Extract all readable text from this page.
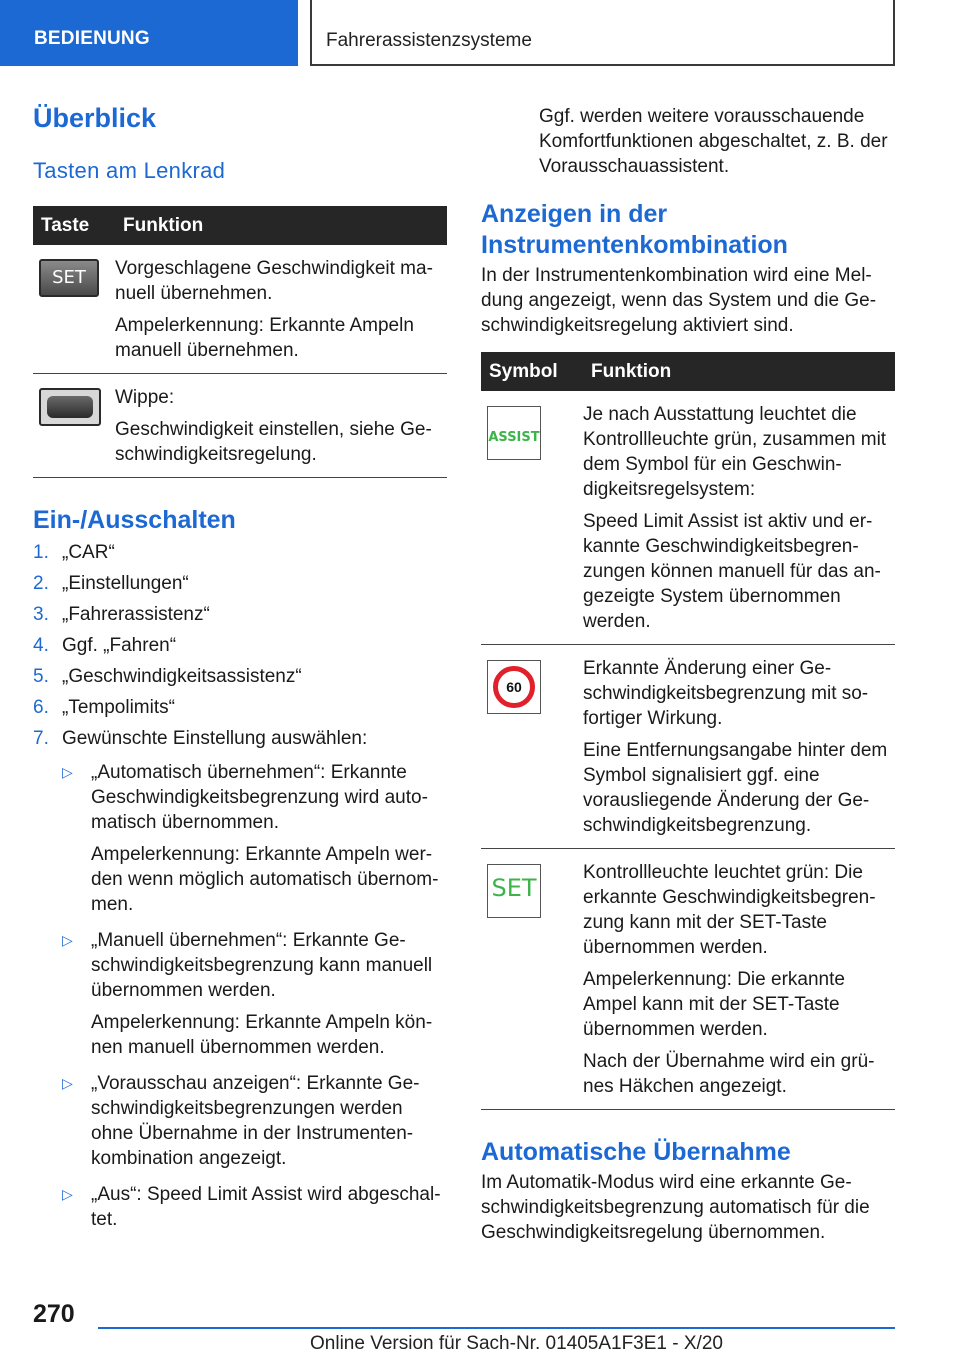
BEDIENUNG	Fahrerassistenzsysteme
Überblick
Tasten am Lenkrad
Taste	Funktion

SET	Vorgeschlagene Geschwindigkeit ma-nuell übernehmen.

Ampelerkennung: Erkannte Ampeln manuell übernehmen.

	Wippe:

Geschwindigkeit einstellen, siehe Ge-schwindigkeitsregelung.

Ein-/Ausschalten
1. „CAR“
2. „Einstellungen“
3. „Fahrerassistenz“
4. Ggf. „Fahren“
5. „Geschwindigkeitsassistenz“
6. „Tempolimits“
7. Gewünschte Einstellung auswählen:
▷ „Automatisch übernehmen“: Erkannte Geschwindigkeitsbegrenzung wird auto-matisch übernommen.

Ampelerkennung: Erkannte Ampeln wer-den wenn möglich automatisch übernom-men.

▷ „Manuell übernehmen“: Erkannte Ge-schwindigkeitsbegrenzung kann manuell übernommen werden.

Ampelerkennung: Erkannte Ampeln kön-nen manuell übernommen werden.

▷ „Vorausschau anzeigen“: Erkannte Ge-schwindigkeitsbegrenzungen werden ohne Übernahme in der Instrumenten-kombination angezeigt.

▷ „Aus“: Speed Limit Assist wird abgeschal-tet.

Ggf. werden weitere vorausschauende Komfortfunktionen abgeschaltet, z. B. der Vorausschauassistent.

Anzeigen in der Instrumentenkombination

In der Instrumentenkombination wird eine Mel-dung angezeigt, wenn das System und die Ge-schwindigkeitsregelung aktiviert sind.

Symbol	Funktion

ASSIST	Je nach Ausstattung leuchtet die Kontrollleuchte grün, zusammen mit dem Symbol für ein Geschwin-digkeitsregelsystem:

Speed Limit Assist ist aktiv und er-kannte Geschwindigkeitsbegren-zungen können manuell für das an-gezeigte System übernommen werden.

60	Erkannte Änderung einer Ge-schwindigkeitsbegrenzung mit so-fortiger Wirkung.

Eine Entfernungsangabe hinter dem Symbol signalisiert ggf. eine vorausliegende Änderung der Ge-schwindigkeitsbegrenzung.

SET	Kontrollleuchte leuchtet grün: Die erkannte Geschwindigkeitsbegren-zung kann mit der SET-Taste übernommen werden.

Ampelerkennung: Die erkannte Ampel kann mit der SET-Taste übernommen werden.

Nach der Übernahme wird ein grü-nes Häkchen angezeigt.

Automatische Übernahme

Im Automatik-Modus wird eine erkannte Ge-schwindigkeitsbegrenzung automatisch für die Geschwindigkeitsregelung übernommen.

270
Online Version für Sach-Nr. 01405A1F3E1 - X/20
